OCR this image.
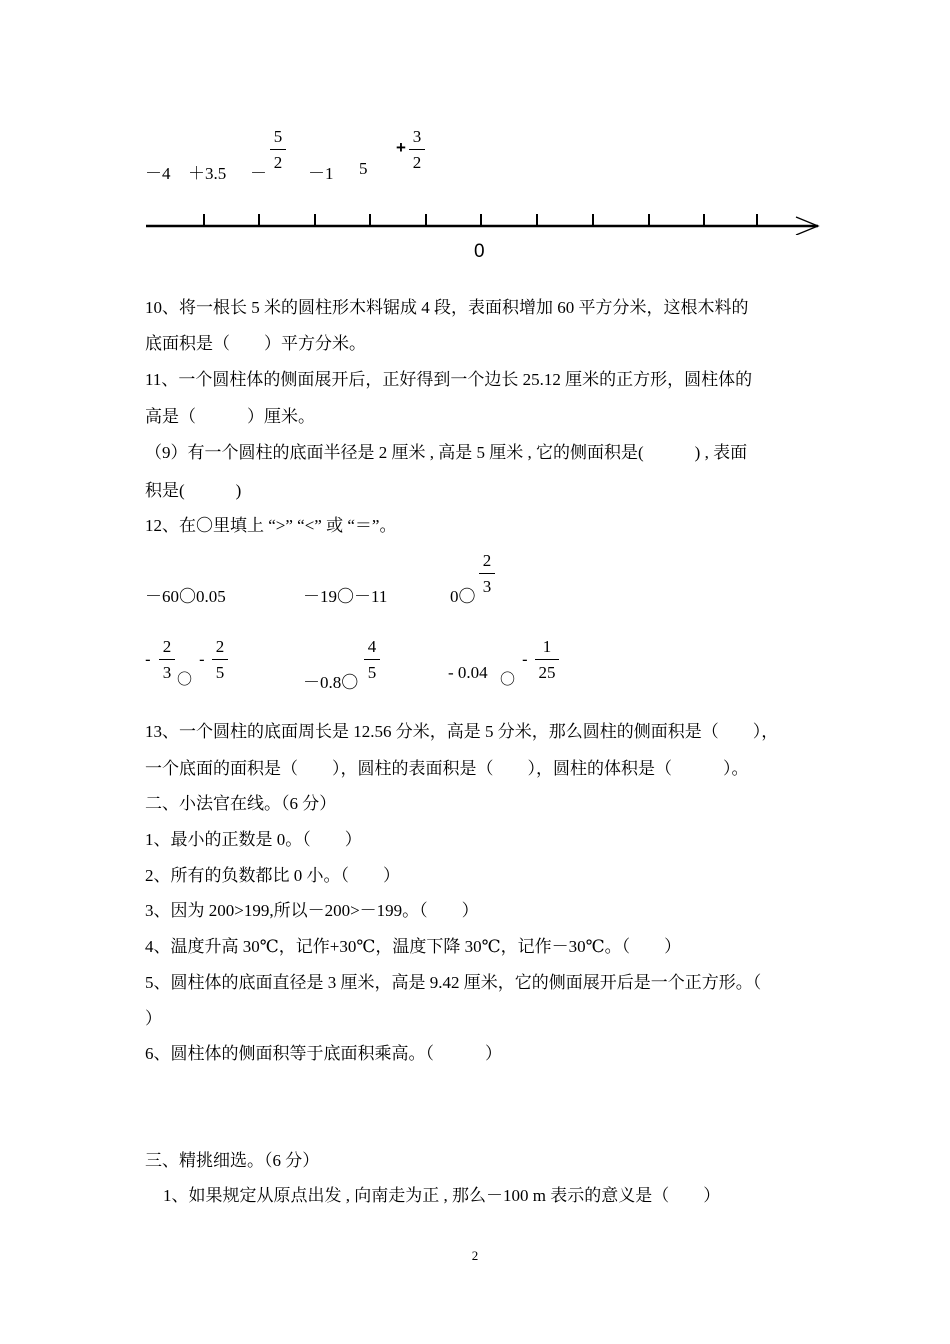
－4 ＋3.5 －
5
2
－1 5
+
3
2
0
10、将一根长 5 米的圆柱形木料锯成 4 段，表面积增加 60 平方分米，这根木料的
底面积是（　　）平方分米。
11、一个圆柱体的侧面展开后，正好得到一个边长 25.12 厘米的正方形，圆柱体的
高是（　　　）厘米。
（9）有一个圆柱的底面半径是 2 厘米 , 高是 5 厘米 , 它的侧面积是(　　　) , 表面
积是(　　　)
12、在〇里填上 “>” “<” 或 “＝”。
－60〇0.05	－19〇－11	0〇
2
3
-
2
3 〇
-
2
5
－0.8〇
4
5	- 0.04 〇
-
1
25
13、一个圆柱的底面周长是 12.56 分米，高是 5 分米，那么圆柱的侧面积是（　　），
一个底面的面积是（　　），圆柱的表面积是（　　），圆柱的体积是（　　　）。
二、小法官在线。（6 分）
1、最小的正数是 0。（　　）
2、所有的负数都比 0 小。（　　）
3、因为 200>199,所以－200>－199。（　　）
4、温度升高 30℃，记作+30℃，温度下降 30℃，记作－30℃。（　　）
5、圆柱体的底面直径是 3 厘米，高是 9.42 厘米，它的侧面展开后是一个正方形。（
）
6、圆柱体的侧面积等于底面积乘高。（　　　）
三、精挑细选。（6 分）
1、如果规定从原点出发 , 向南走为正 , 那么－100 m 表示的意义是（　　）
2
